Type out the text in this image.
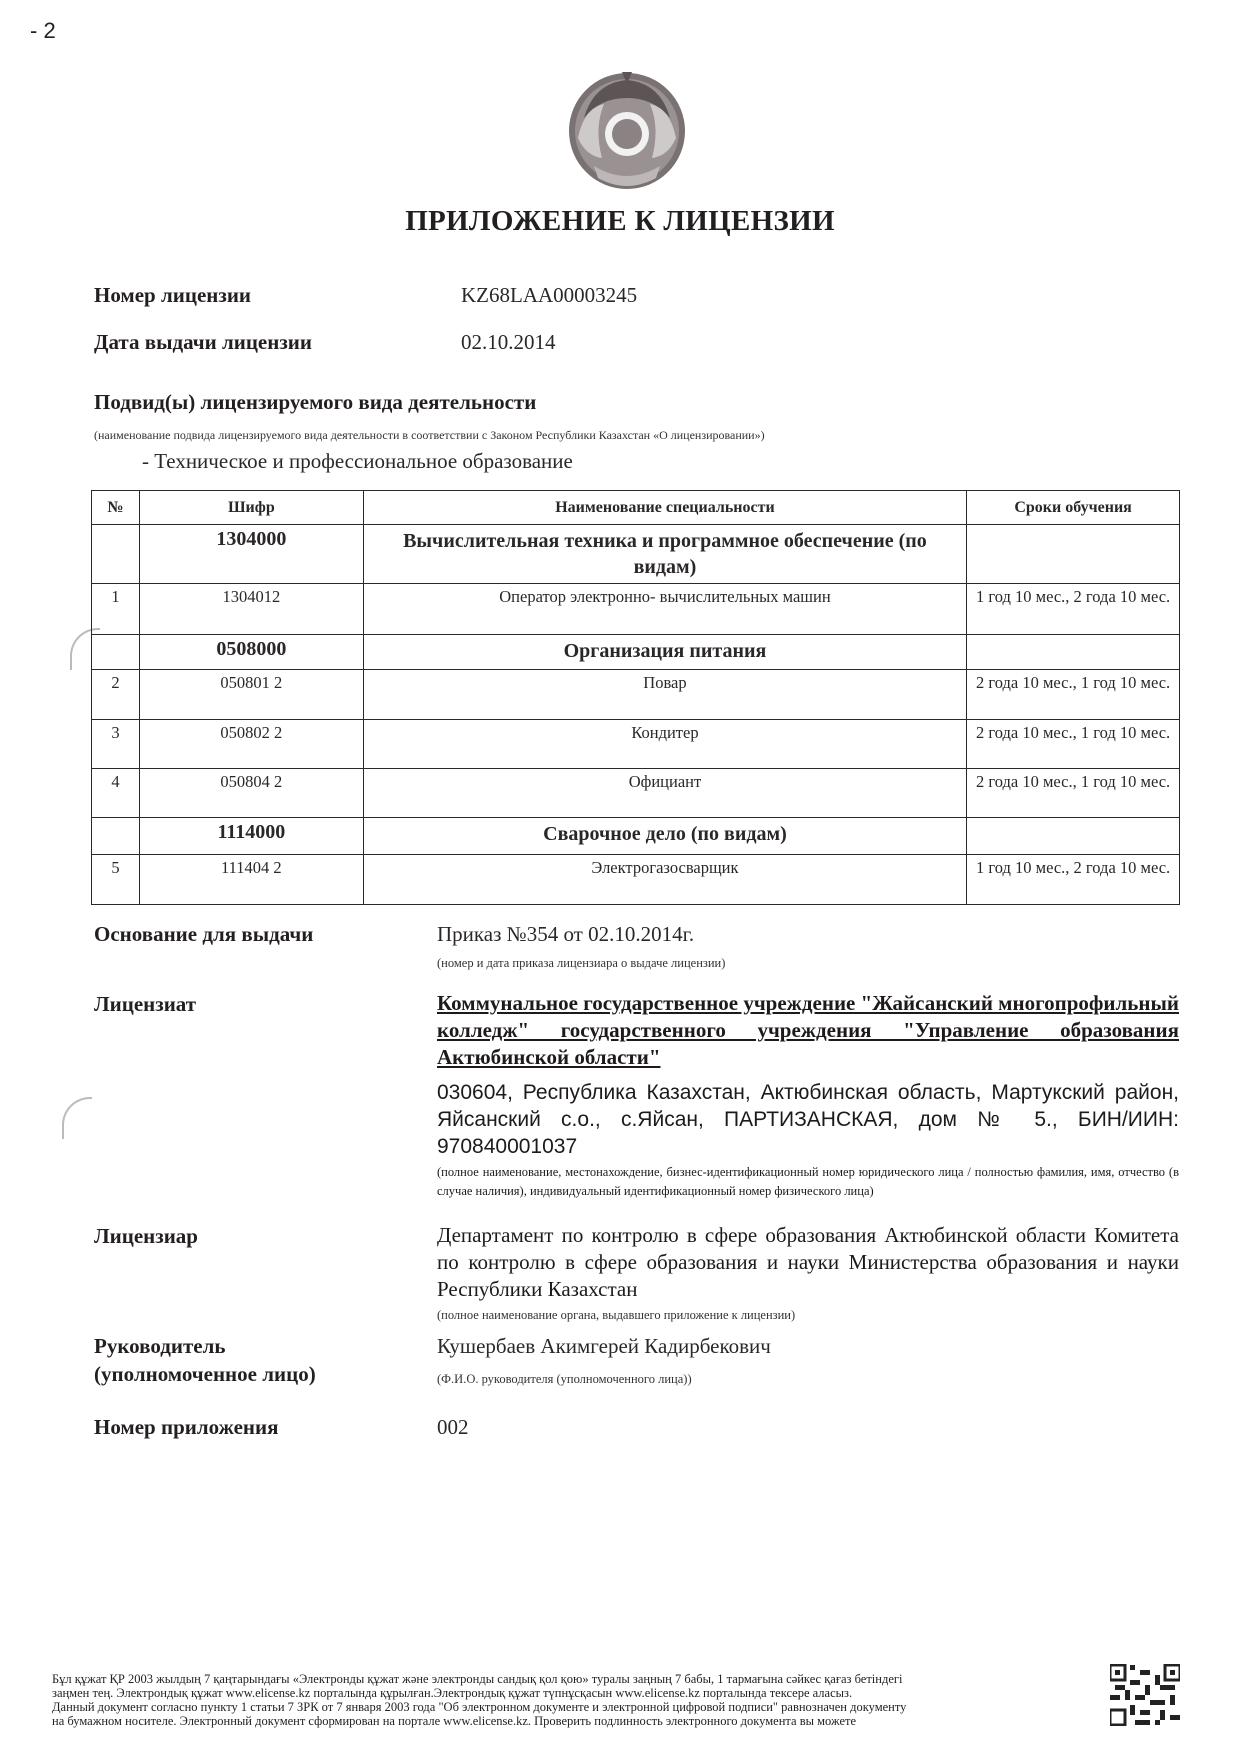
- 2
ПРИЛОЖЕНИЕ К ЛИЦЕНЗИИ
Номер лицензии	KZ68LAA00003245
Дата выдачи лицензии	02.10.2014
Подвид(ы) лицензируемого вида деятельности
(наименование подвида лицензируемого вида деятельности в соответствии с Законом Республики Казахстан «О лицензировании»)
- Техническое и профессиональное образование
№	Шифр	Наименование специальности	Сроки обучения
	1304000	Вычислительная техника и программное обеспечение (по видам)	
1	1304012	Оператор электронно- вычислительных машин	1 год 10 мес., 2 года 10 мес.
	0508000	Организация питания	
2	050801 2	Повар	2 года 10 мес., 1 год 10 мес.
3	050802 2	Кондитер	2 года 10 мес., 1 год 10 мес.
4	050804 2	Официант	2 года 10 мес., 1 год 10 мес.
	1114000	Сварочное дело (по видам)	
5	111404 2	Электрогазосварщик	1 год 10 мес., 2 года 10 мес.
Основание для выдачи	Приказ №354 от 02.10.2014г.
(номер и дата приказа лицензиара о выдаче лицензии)
Лицензиат	Коммунальное государственное учреждение "Жайсанский многопрофильный колледж" государственного учреждения "Управление образования Актюбинской области"
030604, Республика Казахстан, Актюбинская область, Мартукский район, Яйсанский с.о., с.Яйсан, ПАРТИЗАНСКАЯ, дом № 5., БИН/ИИН: 970840001037
(полное наименование, местонахождение, бизнес-идентификационный номер юридического лица / полностью фамилия, имя, отчество (в случае наличия), индивидуальный идентификационный номер физического лица)
Лицензиар	Департамент по контролю в сфере образования Актюбинской области Комитета по контролю в сфере образования и науки Министерства образования и науки Республики Казахстан
(полное наименование органа, выдавшего приложение к лицензии)
Руководитель
(уполномоченное лицо)
Кушербаев Акимгерей Кадирбекович
(Ф.И.О. руководителя (уполномоченного лица))
Номер приложения	002
Бұл құжат ҚР 2003 жылдың 7 қаңтарындағы «Электронды құжат және электронды сандық қол қою» туралы заңның 7 бабы, 1 тармағына сәйкес қағаз бетіндегі
заңмен тең. Электрондық құжат www.elicense.kz порталында құрылған.Электрондық құжат түпнұсқасын www.elicense.kz порталында тексере аласыз.
Данный документ согласно пункту 1 статьи 7 ЗРК от 7 января 2003 года "Об электронном документе и электронной цифровой подписи" равнозначен документу
на бумажном носителе. Электронный документ сформирован на портале www.elicense.kz. Проверить подлинность электронного документа вы можете
